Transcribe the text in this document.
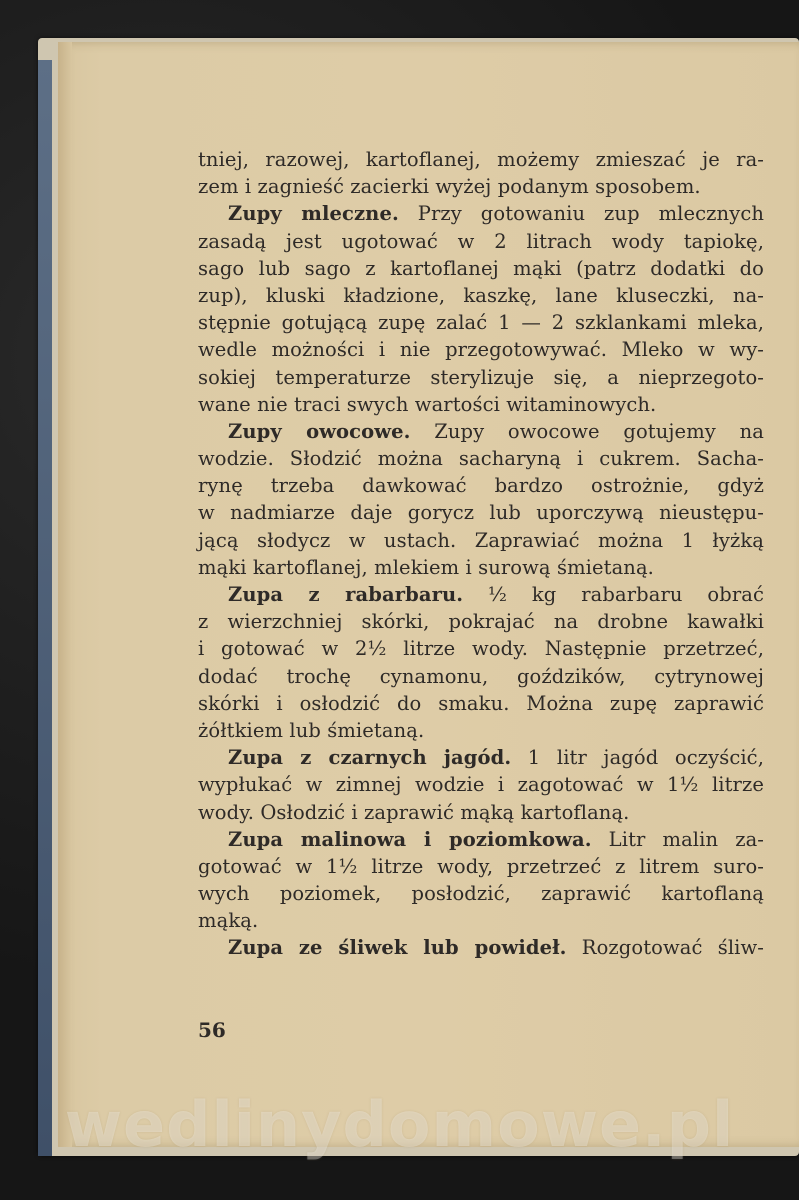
tniej, razowej, kartoflanej, możemy zmieszać je ra-
zem i zagnieść zacierki wyżej podanym sposobem.
Zupy mleczne. Przy gotowaniu zup mlecznych
zasadą jest ugotować w 2 litrach wody tapiokę,
sago lub sago z kartoflanej mąki (patrz dodatki do
zup), kluski kładzione, kaszkę, lane kluseczki, na-
stępnie gotującą zupę zalać 1 — 2 szklankami mleka,
wedle możności i nie przegotowywać. Mleko w wy-
sokiej temperaturze sterylizuje się, a nieprzegoto-
wane nie traci swych wartości witaminowych.
Zupy owocowe. Zupy owocowe gotujemy na
wodzie. Słodzić można sacharyną i cukrem. Sacha-
rynę trzeba dawkować bardzo ostrożnie, gdyż
w nadmiarze daje gorycz lub uporczywą nieustępu-
jącą słodycz w ustach. Zaprawiać można 1 łyżką
mąki kartoflanej, mlekiem i surową śmietaną.
Zupa z rabarbaru. ½ kg rabarbaru obrać
z wierzchniej skórki, pokrajać na drobne kawałki
i gotować w 2½ litrze wody. Następnie przetrzeć,
dodać trochę cynamonu, goździków, cytrynowej
skórki i osłodzić do smaku. Można zupę zaprawić
żółtkiem lub śmietaną.
Zupa z czarnych jagód. 1 litr jagód oczyścić,
wypłukać w zimnej wodzie i zagotować w 1½ litrze
wody. Osłodzić i zaprawić mąką kartoflaną.
Zupa malinowa i poziomkowa. Litr malin za-
gotować w 1½ litrze wody, przetrzeć z litrem suro-
wych poziomek, posłodzić, zaprawić kartoflaną
mąką.
Zupa ze śliwek lub powideł. Rozgotować śliw-
56
wedlinydomowe.pl
